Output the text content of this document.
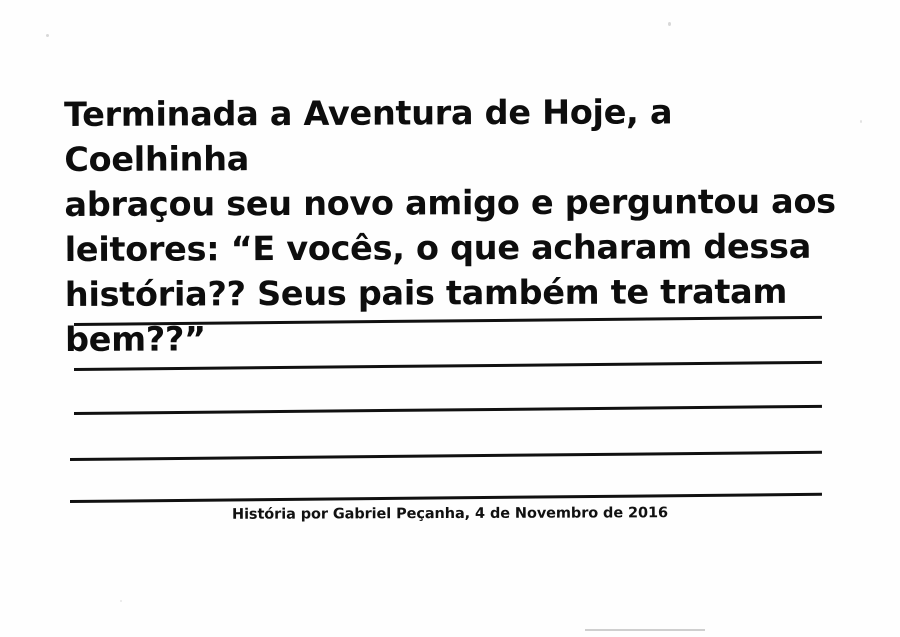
Terminada a Aventura de Hoje, a Coelhinha
abraçou seu novo amigo e perguntou aos
leitores: “E vocês, o que acharam dessa
história?? Seus pais também te tratam bem??”
História por Gabriel Peçanha, 4 de Novembro de 2016
